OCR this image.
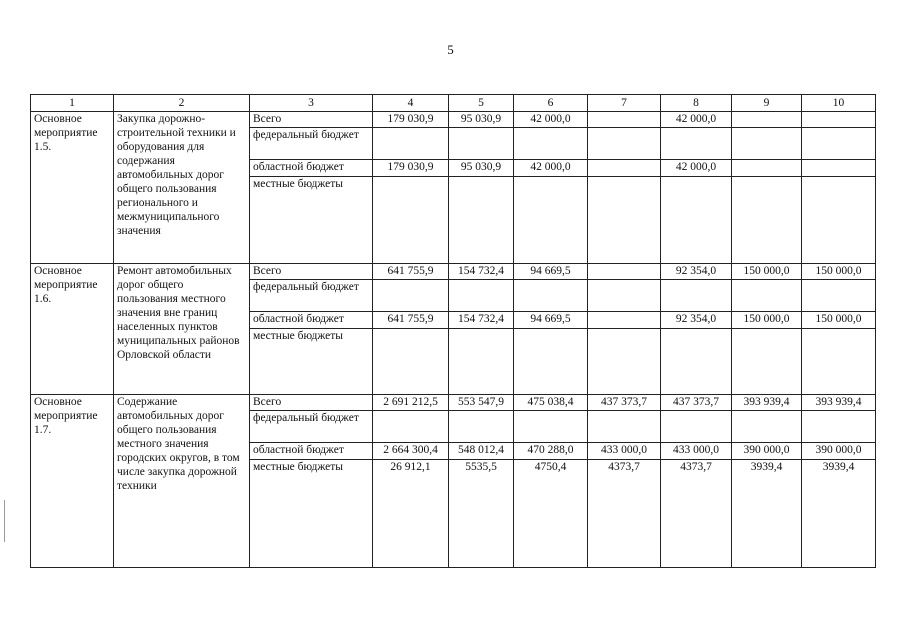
5
1	2	3	4	5	6	7	8	9	10
Основное мероприятие 1.5.	Закупка дорожно-строительной техники и оборудования для содержания автомобильных дорог общего пользования регионального и межмуниципального значения	Всего	179 030,9	95 030,9	42 000,0		42 000,0		
		федеральный бюджет							
		областной бюджет	179 030,9	95 030,9	42 000,0		42 000,0		
		местные бюджеты							
Основное мероприятие 1.6.	Ремонт автомобильных дорог общего пользования местного значения вне границ населенных пунктов муниципальных районов Орловской области	Всего	641 755,9	154 732,4	94 669,5		92 354,0	150 000,0	150 000,0
		федеральный бюджет							
		областной бюджет	641 755,9	154 732,4	94 669,5		92 354,0	150 000,0	150 000,0
		местные бюджеты							
Основное мероприятие 1.7.	Содержание автомобильных дорог общего пользования местного значения городских округов, в том числе закупка дорожной техники	Всего	2 691 212,5	553 547,9	475 038,4	437 373,7	437 373,7	393 939,4	393 939,4
		федеральный бюджет							
		областной бюджет	2 664 300,4	548 012,4	470 288,0	433 000,0	433 000,0	390 000,0	390 000,0
		местные бюджеты	26 912,1	5535,5	4750,4	4373,7	4373,7	3939,4	3939,4
